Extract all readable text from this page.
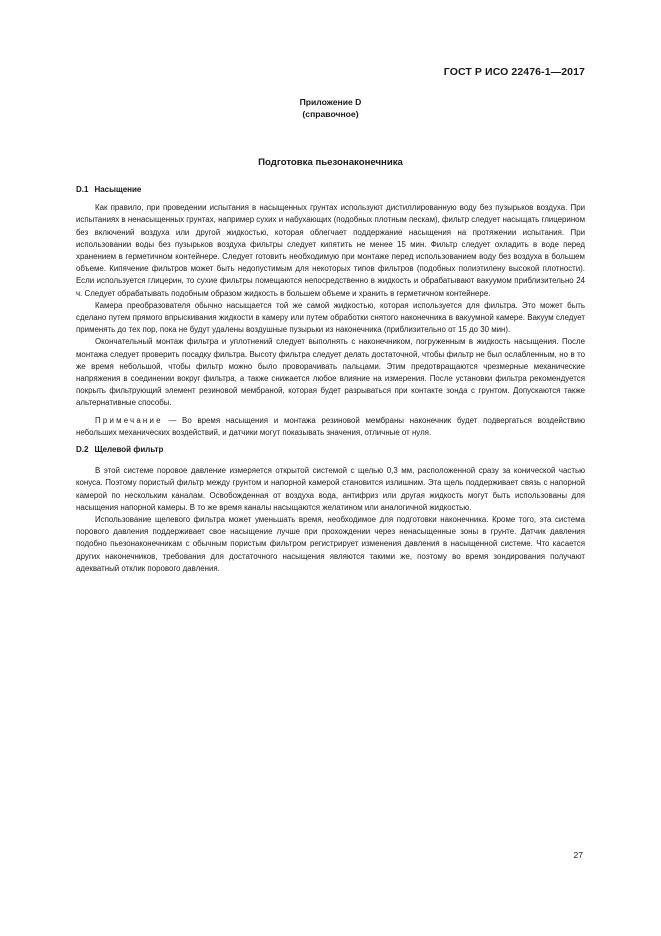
ГОСТ Р ИСО 22476-1—2017
Приложение D
(справочное)
Подготовка пьезонаконечника
D.1 Насыщение

Как правило, при проведении испытания в насыщенных грунтах используют дистиллированную воду без пузырьков воздуха. При испытаниях в ненасыщенных грунтах, например сухих и набухающих (подобных плотным пескам), фильтр следует насыщать глицерином без включений воздуха или другой жидкостью, которая облегчает поддержание насыщения на протяжении испытания. При использовании воды без пузырьков воздуха фильтры следует кипятить не менее 15 мин. Фильтр следует охладить в воде перед хранением в герметичном контейнере. Следует готовить необходимую при монтаже перед использованием воду без воздуха в большем объеме. Кипячение фильтров может быть недопустимым для некоторых типов фильтров (подобных полиэтилену высокой плотности). Если используется глицерин, то сухие фильтры помещаются непосредственно в жидкость и обрабатывают вакуумом приблизительно 24 ч. Следует обрабатывать подобным образом жидкость в большем объеме и хранить в герметичном контейнере.

Камера преобразователя обычно насыщается той же самой жидкостью, которая используется для фильтра. Это может быть сделано путем прямого впрыскивания жидкости в камеру или путем обработки снятого наконечника в вакуумной камере. Вакуум следует применять до тех пор, пока не будут удалены воздушные пузырьки из наконечника (приблизительно от 15 до 30 мин).

Окончательный монтаж фильтра и уплотнений следует выполнять с наконечником, погруженным в жидкость насыщения. После монтажа следует проверить посадку фильтра. Высоту фильтра следует делать достаточной, чтобы фильтр не был ослабленным, но в то же время небольшой, чтобы фильтр можно было проворачивать пальцами. Этим предотвращаются чрезмерные механические напряжения в соединении вокруг фильтра, а также снижается любое влияние на измерения. После установки фильтра рекомендуется покрыть фильтрующий элемент резиновой мембраной, которая будет разрываться при контакте зонда с грунтом. Допускаются также альтернативные способы.

Примечание — Во время насыщения и монтажа резиновой мембраны наконечник будет подвергаться воздействию небольших механических воздействий, и датчики могут показывать значения, отличные от нуля.

D.2 Щелевой фильтр

В этой системе поровое давление измеряется открытой системой с щелью 0,3 мм, расположенной сразу за конической частью конуса. Поэтому пористый фильтр между грунтом и напорной камерой становится излишним. Эта щель поддерживает связь с напорной камерой по нескольким каналам. Освобожденная от воздуха вода, антифриз или другая жидкость могут быть использованы для насыщения напорной камеры. В то же время каналы насыщаются желатином или аналогичной жидкостью.

Использование щелевого фильтра может уменьшать время, необходимое для подготовки наконечника. Кроме того, эта система порового давления поддерживает свое насыщение лучше при прохождении через ненасыщенные зоны в грунте. Датчик давления подобно пьезонаконечникам с обычным пористым фильтром регистрирует изменения давления в насыщенной системе. Что касается других наконечников, требования для достаточного насыщения являются такими же, поэтому во время зондирования получают адекватный отклик порового давления.

27
